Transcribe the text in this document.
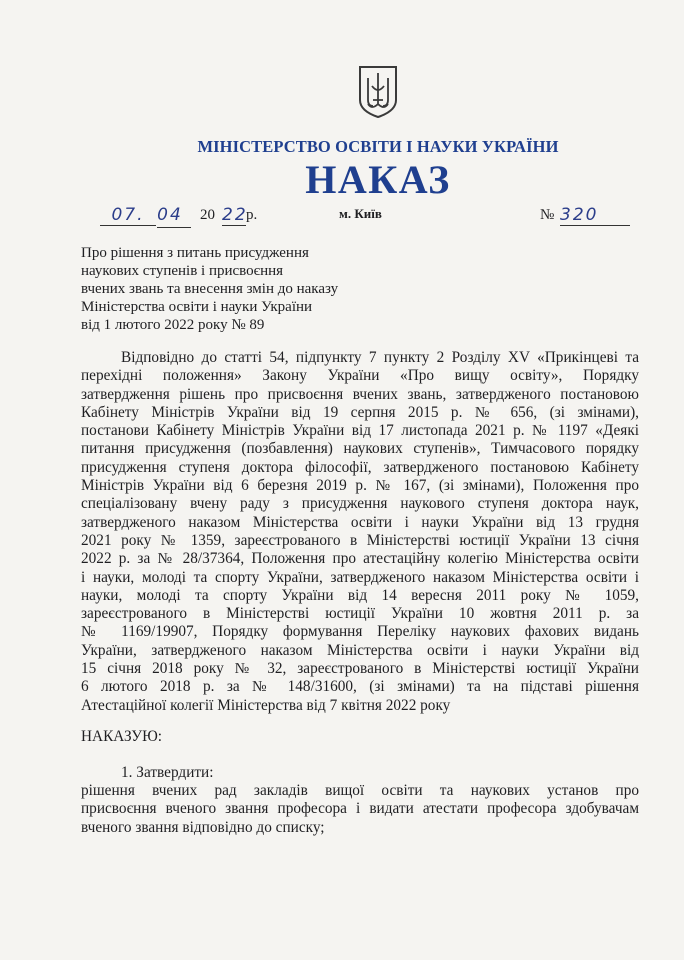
МІНІСТЕРСТВО ОСВІТИ І НАУКИ УКРАЇНИ
НАКАЗ
07. 04	20 22
р.	м. Київ	№ 320
Про рішення з питань присудження
наукових ступенів і присвоєння
вчених звань та внесення змін до наказу
Міністерства освіти і науки України
від 1 лютого 2022 року № 89
Відповідно до статті 54, підпункту 7 пункту 2 Розділу XV «Прикінцеві та
перехідні положення» Закону України «Про вищу освіту», Порядку
затвердження рішень про присвоєння вчених звань, затвердженого постановою
Кабінету Міністрів України від 19 серпня 2015 р. № 656, (зі змінами),
постанови Кабінету Міністрів України від 17 листопада 2021 р. № 1197 «Деякі
питання присудження (позбавлення) наукових ступенів», Тимчасового порядку
присудження ступеня доктора філософії, затвердженого постановою Кабінету
Міністрів України від 6 березня 2019 р. № 167, (зі змінами), Положення про
спеціалізовану вчену раду з присудження наукового ступеня доктора наук,
затвердженого наказом Міністерства освіти і науки України від 13 грудня
2021 року № 1359, зареєстрованого в Міністерстві юстиції України 13 січня
2022 р. за № 28/37364, Положення про атестаційну колегію Міністерства освіти
і науки, молоді та спорту України, затвердженого наказом Міністерства освіти і
науки, молоді та спорту України від 14 вересня 2011 року № 1059,
зареєстрованого в Міністерстві юстиції України 10 жовтня 2011 р. за
№ 1169/19907, Порядку формування Переліку наукових фахових видань
України, затвердженого наказом Міністерства освіти і науки України від
15 січня 2018 року № 32, зареєстрованого в Міністерстві юстиції України
6 лютого 2018 р. за № 148/31600, (зі змінами) та на підставі рішення
Атестаційної колегії Міністерства від 7 квітня 2022 року
НАКАЗУЮ:
1. Затвердити:
рішення вчених рад закладів вищої освіти та наукових установ про
присвоєння вченого звання професора і видати атестати професора здобувачам
вченого звання відповідно до списку;
